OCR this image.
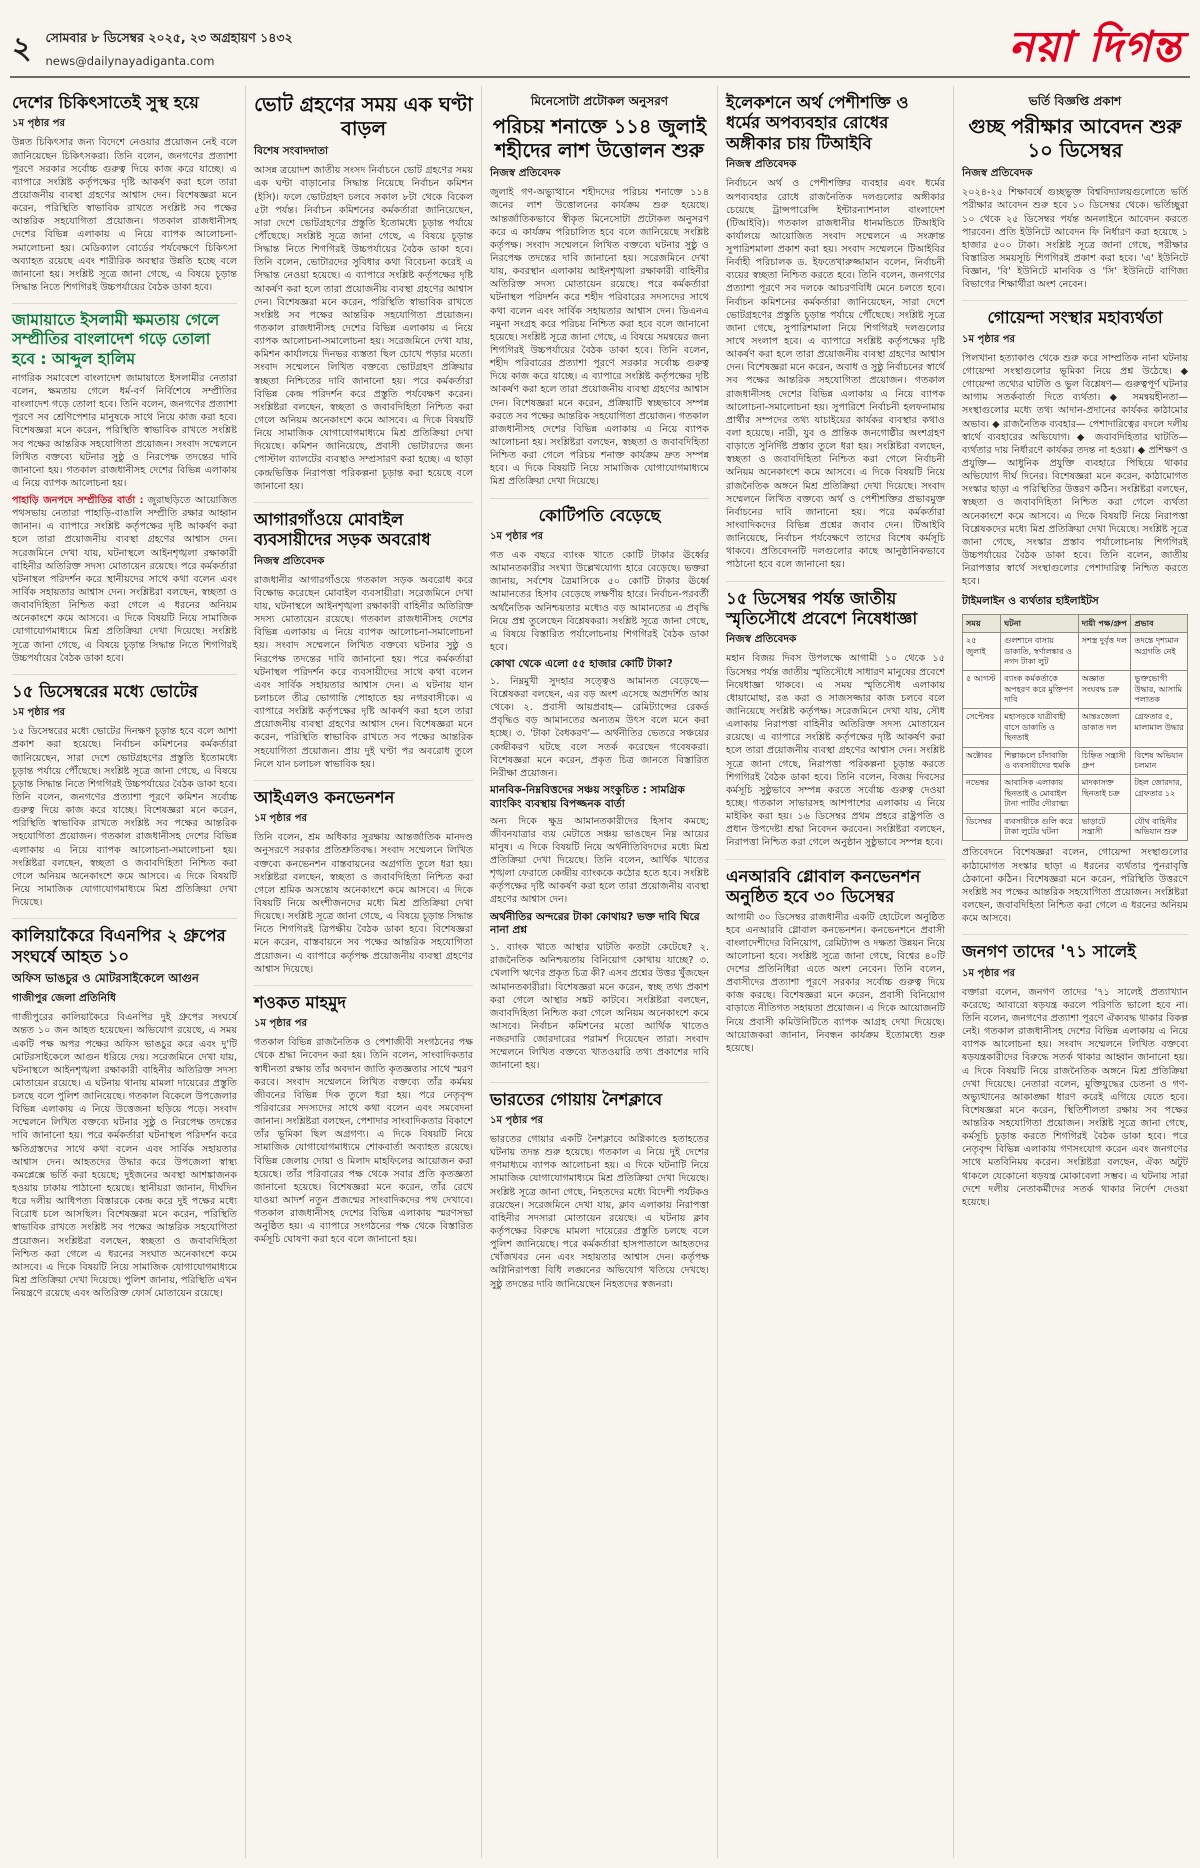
২ সোমবার ৮ ডিসেম্বর ২০২৫, ২৩ অগ্রহায়ণ ১৪৩২
news@dailynayadiganta.com	নয়া দিগন্ত
দেশের চিকিৎসাতেই সুস্থ হয়ে
১ম পৃষ্ঠার পর

উন্নত চিকিৎসার জন্য বিদেশে নেওয়ার প্রয়োজন নেই বলে জানিয়েছেন চিকিৎসকরা। তিনি বলেন, জনগণের প্রত্যাশা পূরণে সরকার সর্বোচ্চ গুরুত্ব দিয়ে কাজ করে যাচ্ছে। এ ব্যাপারে সংশ্লিষ্ট কর্তৃপক্ষের দৃষ্টি আকর্ষণ করা হলে তারা প্রয়োজনীয় ব্যবস্থা গ্রহণের আশ্বাস দেন। বিশেষজ্ঞরা মনে করেন, পরিস্থিতি স্বাভাবিক রাখতে সংশ্লিষ্ট সব পক্ষের আন্তরিক সহযোগিতা প্রয়োজন। গতকাল রাজধানীসহ দেশের বিভিন্ন এলাকায় এ নিয়ে ব্যাপক আলোচনা-সমালোচনা হয়। মেডিক্যাল বোর্ডের পর্যবেক্ষণে চিকিৎসা অব্যাহত রয়েছে এবং শারীরিক অবস্থার উন্নতি হচ্ছে বলে জানানো হয়। সংশ্লিষ্ট সূত্রে জানা গেছে, এ বিষয়ে চূড়ান্ত সিদ্ধান্ত নিতে শিগগিরই উচ্চপর্যায়ের বৈঠক ডাকা হবে।

জামায়াতে ইসলামী ক্ষমতায় গেলে সম্প্রীতির বাংলাদেশ গড়ে তোলা হবে : আব্দুল হালিম

নাগরিক সমাবেশে বাংলাদেশ জামায়াতে ইসলামীর নেতারা বলেন, ক্ষমতায় গেলে ধর্ম-বর্ণ নির্বিশেষে সম্প্রীতির বাংলাদেশ গড়ে তোলা হবে। তিনি বলেন, জনগণের প্রত্যাশা পূরণে সব শ্রেণিপেশার মানুষকে সাথে নিয়ে কাজ করা হবে। বিশেষজ্ঞরা মনে করেন, পরিস্থিতি স্বাভাবিক রাখতে সংশ্লিষ্ট সব পক্ষের আন্তরিক সহযোগিতা প্রয়োজন। সংবাদ সম্মেলনে লিখিত বক্তব্যে ঘটনার সুষ্ঠু ও নিরপেক্ষ তদন্তের দাবি জানানো হয়। গতকাল রাজধানীসহ দেশের বিভিন্ন এলাকায় এ নিয়ে ব্যাপক আলোচনা হয়।

পাহাড়ি জনপদে সম্প্রীতির বার্তা : জুরাছড়িতে আয়োজিত পথসভায় নেতারা পাহাড়ি-বাঙালি সম্প্রীতি রক্ষার আহ্বান জানান। এ ব্যাপারে সংশ্লিষ্ট কর্তৃপক্ষের দৃষ্টি আকর্ষণ করা হলে তারা প্রয়োজনীয় ব্যবস্থা গ্রহণের আশ্বাস দেন। সরেজমিনে দেখা যায়, ঘটনাস্থলে আইনশৃঙ্খলা রক্ষাকারী বাহিনীর অতিরিক্ত সদস্য মোতায়েন রয়েছে। পরে কর্মকর্তারা ঘটনাস্থল পরিদর্শন করে স্থানীয়দের সাথে কথা বলেন এবং সার্বিক সহায়তার আশ্বাস দেন। সংশ্লিষ্টরা বলছেন, স্বচ্ছতা ও জবাবদিহিতা নিশ্চিত করা গেলে এ ধরনের অনিয়ম অনেকাংশে কমে আসবে। এ দিকে বিষয়টি নিয়ে সামাজিক যোগাযোগমাধ্যমে মিশ্র প্রতিক্রিয়া দেখা দিয়েছে। সংশ্লিষ্ট সূত্রে জানা গেছে, এ বিষয়ে চূড়ান্ত সিদ্ধান্ত নিতে শিগগিরই উচ্চপর্যায়ের বৈঠক ডাকা হবে।

১৫ ডিসেম্বরের মধ্যে ভোটের
১ম পৃষ্ঠার পর

১৫ ডিসেম্বরের মধ্যে ভোটের দিনক্ষণ চূড়ান্ত হবে বলে আশা প্রকাশ করা হয়েছে। নির্বাচন কমিশনের কর্মকর্তারা জানিয়েছেন, সারা দেশে ভোটগ্রহণের প্রস্তুতি ইতোমধ্যে চূড়ান্ত পর্যায়ে পৌঁছেছে। সংশ্লিষ্ট সূত্রে জানা গেছে, এ বিষয়ে চূড়ান্ত সিদ্ধান্ত নিতে শিগগিরই উচ্চপর্যায়ের বৈঠক ডাকা হবে। তিনি বলেন, জনগণের প্রত্যাশা পূরণে কমিশন সর্বোচ্চ গুরুত্ব দিয়ে কাজ করে যাচ্ছে। বিশেষজ্ঞরা মনে করেন, পরিস্থিতি স্বাভাবিক রাখতে সংশ্লিষ্ট সব পক্ষের আন্তরিক সহযোগিতা প্রয়োজন। গতকাল রাজধানীসহ দেশের বিভিন্ন এলাকায় এ নিয়ে ব্যাপক আলোচনা-সমালোচনা হয়। সংশ্লিষ্টরা বলছেন, স্বচ্ছতা ও জবাবদিহিতা নিশ্চিত করা গেলে অনিয়ম অনেকাংশে কমে আসবে। এ দিকে বিষয়টি নিয়ে সামাজিক যোগাযোগমাধ্যমে মিশ্র প্রতিক্রিয়া দেখা দিয়েছে।

কালিয়াকৈরে বিএনপির ২ গ্রুপের সংঘর্ষে আহত ১০
অফিস ভাঙচুর ও মোটরসাইকেলে আগুন
গাজীপুর জেলা প্রতিনিধি

গাজীপুরের কালিয়াকৈরে বিএনপির দুই গ্রুপের সংঘর্ষে অন্তত ১০ জন আহত হয়েছেন। অভিযোগ রয়েছে, এ সময় একটি পক্ষ অপর পক্ষের অফিস ভাঙচুর করে এবং দু'টি মোটরসাইকেলে আগুন ধরিয়ে দেয়। সরেজমিনে দেখা যায়, ঘটনাস্থলে আইনশৃঙ্খলা রক্ষাকারী বাহিনীর অতিরিক্ত সদস্য মোতায়েন রয়েছে। এ ঘটনায় থানায় মামলা দায়েরের প্রস্তুতি চলছে বলে পুলিশ জানিয়েছে। গতকাল বিকেলে উপজেলার বিভিন্ন এলাকায় এ নিয়ে উত্তেজনা ছড়িয়ে পড়ে। সংবাদ সম্মেলনে লিখিত বক্তব্যে ঘটনার সুষ্ঠু ও নিরপেক্ষ তদন্তের দাবি জানানো হয়। পরে কর্মকর্তারা ঘটনাস্থল পরিদর্শন করে ক্ষতিগ্রস্তদের সাথে কথা বলেন এবং সার্বিক সহায়তার আশ্বাস দেন। আহতদের উদ্ধার করে উপজেলা স্বাস্থ্য কমপ্লেক্সে ভর্তি করা হয়েছে; দুইজনের অবস্থা আশঙ্কাজনক হওয়ায় ঢাকায় পাঠানো হয়েছে। স্থানীয়রা জানান, দীর্ঘদিন ধরে দলীয় আধিপত্য বিস্তারকে কেন্দ্র করে দুই পক্ষের মধ্যে বিরোধ চলে আসছিল। বিশেষজ্ঞরা মনে করেন, পরিস্থিতি স্বাভাবিক রাখতে সংশ্লিষ্ট সব পক্ষের আন্তরিক সহযোগিতা প্রয়োজন। সংশ্লিষ্টরা বলছেন, স্বচ্ছতা ও জবাবদিহিতা নিশ্চিত করা গেলে এ ধরনের সংঘাত অনেকাংশে কমে আসবে। এ দিকে বিষয়টি নিয়ে সামাজিক যোগাযোগমাধ্যমে মিশ্র প্রতিক্রিয়া দেখা দিয়েছে। পুলিশ জানায়, পরিস্থিতি এখন নিয়ন্ত্রণে রয়েছে এবং অতিরিক্ত ফোর্স মোতায়েন রয়েছে।

ভোট গ্রহণের সময় এক ঘণ্টা বাড়ল
বিশেষ সংবাদদাতা

আসন্ন ত্রয়োদশ জাতীয় সংসদ নির্বাচনে ভোট গ্রহণের সময় এক ঘণ্টা বাড়ানোর সিদ্ধান্ত নিয়েছে নির্বাচন কমিশন (ইসি)। ফলে ভোটগ্রহণ চলবে সকাল ৮টা থেকে বিকেল ৫টা পর্যন্ত। নির্বাচন কমিশনের কর্মকর্তারা জানিয়েছেন, সারা দেশে ভোটগ্রহণের প্রস্তুতি ইতোমধ্যে চূড়ান্ত পর্যায়ে পৌঁছেছে। সংশ্লিষ্ট সূত্রে জানা গেছে, এ বিষয়ে চূড়ান্ত সিদ্ধান্ত নিতে শিগগিরই উচ্চপর্যায়ের বৈঠক ডাকা হবে। তিনি বলেন, ভোটারদের সুবিধার কথা বিবেচনা করেই এ সিদ্ধান্ত নেওয়া হয়েছে। এ ব্যাপারে সংশ্লিষ্ট কর্তৃপক্ষের দৃষ্টি আকর্ষণ করা হলে তারা প্রয়োজনীয় ব্যবস্থা গ্রহণের আশ্বাস দেন। বিশেষজ্ঞরা মনে করেন, পরিস্থিতি স্বাভাবিক রাখতে সংশ্লিষ্ট সব পক্ষের আন্তরিক সহযোগিতা প্রয়োজন। গতকাল রাজধানীসহ দেশের বিভিন্ন এলাকায় এ নিয়ে ব্যাপক আলোচনা-সমালোচনা হয়। সরেজমিনে দেখা যায়, কমিশন কার্যালয়ে দিনভর ব্যস্ততা ছিল চোখে পড়ার মতো। সংবাদ সম্মেলনে লিখিত বক্তব্যে ভোটগ্রহণ প্রক্রিয়ার স্বচ্ছতা নিশ্চিতের দাবি জানানো হয়। পরে কর্মকর্তারা বিভিন্ন কেন্দ্র পরিদর্শন করে প্রস্তুতি পর্যবেক্ষণ করেন। সংশ্লিষ্টরা বলছেন, স্বচ্ছতা ও জবাবদিহিতা নিশ্চিত করা গেলে অনিয়ম অনেকাংশে কমে আসবে। এ দিকে বিষয়টি নিয়ে সামাজিক যোগাযোগমাধ্যমে মিশ্র প্রতিক্রিয়া দেখা দিয়েছে। কমিশন জানিয়েছে, প্রবাসী ভোটারদের জন্য পোস্টাল ব্যালটের ব্যবস্থাও সম্প্রসারণ করা হচ্ছে। এ ছাড়া কেন্দ্রভিত্তিক নিরাপত্তা পরিকল্পনা চূড়ান্ত করা হয়েছে বলে জানানো হয়।

আগারগাঁওয়ে মোবাইল ব্যবসায়ীদের সড়ক অবরোধ
নিজস্ব প্রতিবেদক

রাজধানীর আগারগাঁওয়ে গতকাল সড়ক অবরোধ করে বিক্ষোভ করেছেন মোবাইল ব্যবসায়ীরা। সরেজমিনে দেখা যায়, ঘটনাস্থলে আইনশৃঙ্খলা রক্ষাকারী বাহিনীর অতিরিক্ত সদস্য মোতায়েন রয়েছে। গতকাল রাজধানীসহ দেশের বিভিন্ন এলাকায় এ নিয়ে ব্যাপক আলোচনা-সমালোচনা হয়। সংবাদ সম্মেলনে লিখিত বক্তব্যে ঘটনার সুষ্ঠু ও নিরপেক্ষ তদন্তের দাবি জানানো হয়। পরে কর্মকর্তারা ঘটনাস্থল পরিদর্শন করে ব্যবসায়ীদের সাথে কথা বলেন এবং সার্বিক সহায়তার আশ্বাস দেন। এ ঘটনায় যান চলাচলে তীব্র ভোগান্তি পোহাতে হয় নগরবাসীকে। এ ব্যাপারে সংশ্লিষ্ট কর্তৃপক্ষের দৃষ্টি আকর্ষণ করা হলে তারা প্রয়োজনীয় ব্যবস্থা গ্রহণের আশ্বাস দেন। বিশেষজ্ঞরা মনে করেন, পরিস্থিতি স্বাভাবিক রাখতে সব পক্ষের আন্তরিক সহযোগিতা প্রয়োজন। প্রায় দুই ঘণ্টা পর অবরোধ তুলে নিলে যান চলাচল স্বাভাবিক হয়।

আইএলও কনভেনশন
১ম পৃষ্ঠার পর

তিনি বলেন, শ্রম অধিকার সুরক্ষায় আন্তর্জাতিক মানদণ্ড অনুসরণে সরকার প্রতিশ্রুতিবদ্ধ। সংবাদ সম্মেলনে লিখিত বক্তব্যে কনভেনশন বাস্তবায়নের অগ্রগতি তুলে ধরা হয়। সংশ্লিষ্টরা বলছেন, স্বচ্ছতা ও জবাবদিহিতা নিশ্চিত করা গেলে শ্রমিক অসন্তোষ অনেকাংশে কমে আসবে। এ দিকে বিষয়টি নিয়ে অংশীজনদের মধ্যে মিশ্র প্রতিক্রিয়া দেখা দিয়েছে। সংশ্লিষ্ট সূত্রে জানা গেছে, এ বিষয়ে চূড়ান্ত সিদ্ধান্ত নিতে শিগগিরই ত্রিপক্ষীয় বৈঠক ডাকা হবে। বিশেষজ্ঞরা মনে করেন, বাস্তবায়নে সব পক্ষের আন্তরিক সহযোগিতা প্রয়োজন। এ ব্যাপারে কর্তৃপক্ষ প্রয়োজনীয় ব্যবস্থা গ্রহণের আশ্বাস দিয়েছে।

শওকত মাহমুদ
১ম পৃষ্ঠার পর

গতকাল বিভিন্ন রাজনৈতিক ও পেশাজীবী সংগঠনের পক্ষ থেকে শ্রদ্ধা নিবেদন করা হয়। তিনি বলেন, সাংবাদিকতার স্বাধীনতা রক্ষায় তাঁর অবদান জাতি কৃতজ্ঞতার সাথে স্মরণ করবে। সংবাদ সম্মেলনে লিখিত বক্তব্যে তাঁর কর্মময় জীবনের বিভিন্ন দিক তুলে ধরা হয়। পরে নেতৃবৃন্দ পরিবারের সদস্যদের সাথে কথা বলেন এবং সমবেদনা জানান। সংশ্লিষ্টরা বলছেন, পেশাদার সাংবাদিকতার বিকাশে তাঁর ভূমিকা ছিল অগ্রগণ্য। এ দিকে বিষয়টি নিয়ে সামাজিক যোগাযোগমাধ্যমে শোকবার্তা অব্যাহত রয়েছে। বিভিন্ন জেলায় দোয়া ও মিলাদ মাহফিলের আয়োজন করা হয়েছে। তাঁর পরিবারের পক্ষ থেকে সবার প্রতি কৃতজ্ঞতা জানানো হয়েছে। বিশেষজ্ঞরা মনে করেন, তাঁর রেখে যাওয়া আদর্শ নতুন প্রজন্মের সাংবাদিকদের পথ দেখাবে। গতকাল রাজধানীসহ দেশের বিভিন্ন এলাকায় স্মরণসভা অনুষ্ঠিত হয়। এ ব্যাপারে সংগঠনের পক্ষ থেকে বিস্তারিত কর্মসূচি ঘোষণা করা হবে বলে জানানো হয়।

মিনেসোটা প্রটোকল অনুসরণ
পরিচয় শনাক্তে ১১৪ জুলাই শহীদের লাশ উত্তোলন শুরু
নিজস্ব প্রতিবেদক

জুলাই গণ-অভ্যুত্থানে শহীদদের পরিচয় শনাক্তে ১১৪ জনের লাশ উত্তোলনের কার্যক্রম শুরু হয়েছে। আন্তর্জাতিকভাবে স্বীকৃত মিনেসোটা প্রটোকল অনুসরণ করে এ কার্যক্রম পরিচালিত হবে বলে জানিয়েছে সংশ্লিষ্ট কর্তৃপক্ষ। সংবাদ সম্মেলনে লিখিত বক্তব্যে ঘটনার সুষ্ঠু ও নিরপেক্ষ তদন্তের দাবি জানানো হয়। সরেজমিনে দেখা যায়, কবরস্থান এলাকায় আইনশৃঙ্খলা রক্ষাকারী বাহিনীর অতিরিক্ত সদস্য মোতায়েন রয়েছে। পরে কর্মকর্তারা ঘটনাস্থল পরিদর্শন করে শহীদ পরিবারের সদস্যদের সাথে কথা বলেন এবং সার্বিক সহায়তার আশ্বাস দেন। ডিএনএ নমুনা সংগ্রহ করে পরিচয় নিশ্চিত করা হবে বলে জানানো হয়েছে। সংশ্লিষ্ট সূত্রে জানা গেছে, এ বিষয়ে সমন্বয়ের জন্য শিগগিরই উচ্চপর্যায়ের বৈঠক ডাকা হবে। তিনি বলেন, শহীদ পরিবারের প্রত্যাশা পূরণে সরকার সর্বোচ্চ গুরুত্ব দিয়ে কাজ করে যাচ্ছে। এ ব্যাপারে সংশ্লিষ্ট কর্তৃপক্ষের দৃষ্টি আকর্ষণ করা হলে তারা প্রয়োজনীয় ব্যবস্থা গ্রহণের আশ্বাস দেন। বিশেষজ্ঞরা মনে করেন, প্রক্রিয়াটি স্বচ্ছভাবে সম্পন্ন করতে সব পক্ষের আন্তরিক সহযোগিতা প্রয়োজন। গতকাল রাজধানীসহ দেশের বিভিন্ন এলাকায় এ নিয়ে ব্যাপক আলোচনা হয়। সংশ্লিষ্টরা বলছেন, স্বচ্ছতা ও জবাবদিহিতা নিশ্চিত করা গেলে পরিচয় শনাক্ত কার্যক্রম দ্রুত সম্পন্ন হবে। এ দিকে বিষয়টি নিয়ে সামাজিক যোগাযোগমাধ্যমে মিশ্র প্রতিক্রিয়া দেখা দিয়েছে।

কোটিপতি বেড়েছে
১ম পৃষ্ঠার পর

গত এক বছরে ব্যাংক খাতে কোটি টাকার ঊর্ধ্বের আমানতকারীর সংখ্যা উল্লেখযোগ্য হারে বেড়েছে। ভক্তরা জানায়, সর্বশেষ ত্রৈমাসিকে ৫০ কোটি টাকার ঊর্ধ্বে আমানতের হিসাব বেড়েছে লক্ষণীয় হারে। নির্বাচন-পরবর্তী অর্থনৈতিক অনিশ্চয়তার মধ্যেও বড় আমানতের এ প্রবৃদ্ধি নিয়ে প্রশ্ন তুলেছেন বিশ্লেষকরা। সংশ্লিষ্ট সূত্রে জানা গেছে, এ বিষয়ে বিস্তারিত পর্যালোচনায় শিগগিরই বৈঠক ডাকা হবে।

কোথা থেকে এলো ৫৫ হাজার কোটি টাকা?

১. নিম্নমুখী সুদহার সত্ত্বেও আমানত বেড়েছে— বিশ্লেষকরা বলছেন, এর বড় অংশ এসেছে অপ্রদর্শিত আয় থেকে। ২. প্রবাসী আয়প্রবাহ— রেমিট্যান্সের রেকর্ড প্রবৃদ্ধিও বড় আমানতের অন্যতম উৎস বলে মনে করা হচ্ছে। ৩. 'টাকা বৈধকরণ'— অর্থনীতির ভেতরে সঞ্চয়ের কেন্দ্রীকরণ ঘটছে বলে সতর্ক করেছেন গবেষকরা। বিশেষজ্ঞরা মনে করেন, প্রকৃত চিত্র জানতে বিস্তারিত নিরীক্ষা প্রয়োজন।

মানবিক-নিম্নবিত্তদের সঞ্চয় সংকুচিত : সামগ্রিক ব্যাংকিং ব্যবস্থায় বিপজ্জনক বার্তা

অন্য দিকে ক্ষুদ্র আমানতকারীদের হিসাব কমছে; জীবনযাত্রার ব্যয় মেটাতে সঞ্চয় ভাঙছেন নিম্ন আয়ের মানুষ। এ দিকে বিষয়টি নিয়ে অর্থনীতিবিদদের মধ্যে মিশ্র প্রতিক্রিয়া দেখা দিয়েছে। তিনি বলেন, আর্থিক খাতের শৃঙ্খলা ফেরাতে কেন্দ্রীয় ব্যাংককে কঠোর হতে হবে। সংশ্লিষ্ট কর্তৃপক্ষের দৃষ্টি আকর্ষণ করা হলে তারা প্রয়োজনীয় ব্যবস্থা গ্রহণের আশ্বাস দেন।

অর্থনীতির অন্দরের টাকা কোথায়? ভক্ত দাবি ঘিরে নানা প্রশ্ন

১. ব্যাংক খাতে আস্থার ঘাটতি কতটা কেটেছে? ২. রাজনৈতিক অনিশ্চয়তায় বিনিয়োগ কোথায় যাচ্ছে? ৩. খেলাপি ঋণের প্রকৃত চিত্র কী? এসব প্রশ্নের উত্তর খুঁজছেন আমানতকারীরা। বিশেষজ্ঞরা মনে করেন, স্বচ্ছ তথ্য প্রকাশ করা গেলে আস্থার সঙ্কট কাটবে। সংশ্লিষ্টরা বলছেন, জবাবদিহিতা নিশ্চিত করা গেলে অনিয়ম অনেকাংশে কমে আসবে। নির্বাচন কমিশনের মতো আর্থিক খাতেও নজরদারি জোরদারের পরামর্শ দিয়েছেন তারা। সংবাদ সম্মেলনে লিখিত বক্তব্যে খাতওয়ারি তথ্য প্রকাশের দাবি জানানো হয়।

ভারতের গোয়ায় নৈশক্লাবে
১ম পৃষ্ঠার পর

ভারতের গোয়ার একটি নৈশক্লাবে অগ্নিকাণ্ডে হতাহতের ঘটনায় তদন্ত শুরু হয়েছে। গতকাল এ নিয়ে দুই দেশের গণমাধ্যমে ব্যাপক আলোচনা হয়। এ দিকে ঘটনাটি নিয়ে সামাজিক যোগাযোগমাধ্যমে মিশ্র প্রতিক্রিয়া দেখা দিয়েছে। সংশ্লিষ্ট সূত্রে জানা গেছে, নিহতদের মধ্যে বিদেশী পর্যটকও রয়েছেন। সরেজমিনে দেখা যায়, ক্লাব এলাকায় নিরাপত্তা বাহিনীর সদস্যরা মোতায়েন রয়েছে। এ ঘটনায় ক্লাব কর্তৃপক্ষের বিরুদ্ধে মামলা দায়েরের প্রস্তুতি চলছে বলে পুলিশ জানিয়েছে। পরে কর্মকর্তারা হাসপাতালে আহতদের খোঁজখবর নেন এবং সহায়তার আশ্বাস দেন। কর্তৃপক্ষ অগ্নিনিরাপত্তা বিধি লঙ্ঘনের অভিযোগ খতিয়ে দেখছে। সুষ্ঠু তদন্তের দাবি জানিয়েছেন নিহতদের স্বজনরা।

ইলেকশনে অর্থ পেশীশক্তি ও ধর্মের অপব্যবহার রোধের অঙ্গীকার চায় টিআইবি
নিজস্ব প্রতিবেদক

নির্বাচনে অর্থ ও পেশীশক্তির ব্যবহার এবং ধর্মের অপব্যবহার রোধে রাজনৈতিক দলগুলোর অঙ্গীকার চেয়েছে ট্রান্সপারেন্সি ইন্টারন্যাশনাল বাংলাদেশ (টিআইবি)। গতকাল রাজধানীর ধানমন্ডিতে টিআইবি কার্যালয়ে আয়োজিত সংবাদ সম্মেলনে এ সংক্রান্ত সুপারিশমালা প্রকাশ করা হয়। সংবাদ সম্মেলনে টিআইবির নির্বাহী পরিচালক ড. ইফতেখারুজ্জামান বলেন, নির্বাচনী ব্যয়ের স্বচ্ছতা নিশ্চিত করতে হবে। তিনি বলেন, জনগণের প্রত্যাশা পূরণে সব দলকে আচরণবিধি মেনে চলতে হবে। নির্বাচন কমিশনের কর্মকর্তারা জানিয়েছেন, সারা দেশে ভোটগ্রহণের প্রস্তুতি চূড়ান্ত পর্যায়ে পৌঁছেছে। সংশ্লিষ্ট সূত্রে জানা গেছে, সুপারিশমালা নিয়ে শিগগিরই দলগুলোর সাথে সংলাপ হবে। এ ব্যাপারে সংশ্লিষ্ট কর্তৃপক্ষের দৃষ্টি আকর্ষণ করা হলে তারা প্রয়োজনীয় ব্যবস্থা গ্রহণের আশ্বাস দেন। বিশেষজ্ঞরা মনে করেন, অবাধ ও সুষ্ঠু নির্বাচনের স্বার্থে সব পক্ষের আন্তরিক সহযোগিতা প্রয়োজন। গতকাল রাজধানীসহ দেশের বিভিন্ন এলাকায় এ নিয়ে ব্যাপক আলোচনা-সমালোচনা হয়। সুপারিশে নির্বাচনী হলফনামায় প্রার্থীর সম্পদের তথ্য যাচাইয়ের কার্যকর ব্যবস্থার কথাও বলা হয়েছে। নারী, যুব ও প্রান্তিক জনগোষ্ঠীর অংশগ্রহণ বাড়াতে সুনির্দিষ্ট প্রস্তাব তুলে ধরা হয়। সংশ্লিষ্টরা বলছেন, স্বচ্ছতা ও জবাবদিহিতা নিশ্চিত করা গেলে নির্বাচনী অনিয়ম অনেকাংশে কমে আসবে। এ দিকে বিষয়টি নিয়ে রাজনৈতিক অঙ্গনে মিশ্র প্রতিক্রিয়া দেখা দিয়েছে। সংবাদ সম্মেলনে লিখিত বক্তব্যে অর্থ ও পেশীশক্তির প্রভাবমুক্ত নির্বাচনের দাবি জানানো হয়। পরে কর্মকর্তারা সাংবাদিকদের বিভিন্ন প্রশ্নের জবাব দেন। টিআইবি জানিয়েছে, নির্বাচন পর্যবেক্ষণে তাদের বিশেষ কর্মসূচি থাকবে। প্রতিবেদনটি দলগুলোর কাছে আনুষ্ঠানিকভাবে পাঠানো হবে বলে জানানো হয়।

১৫ ডিসেম্বর পর্যন্ত জাতীয় স্মৃতিসৌধে প্রবেশে নিষেধাজ্ঞা
নিজস্ব প্রতিবেদক

মহান বিজয় দিবস উপলক্ষে আগামী ১০ থেকে ১৫ ডিসেম্বর পর্যন্ত জাতীয় স্মৃতিসৌধে সাধারণ মানুষের প্রবেশে নিষেধাজ্ঞা থাকবে। এ সময় স্মৃতিসৌধ এলাকায় ধোয়ামোছা, রঙ করা ও সাজসজ্জার কাজ চলবে বলে জানিয়েছে সংশ্লিষ্ট কর্তৃপক্ষ। সরেজমিনে দেখা যায়, সৌধ এলাকায় নিরাপত্তা বাহিনীর অতিরিক্ত সদস্য মোতায়েন রয়েছে। এ ব্যাপারে সংশ্লিষ্ট কর্তৃপক্ষের দৃষ্টি আকর্ষণ করা হলে তারা প্রয়োজনীয় ব্যবস্থা গ্রহণের আশ্বাস দেন। সংশ্লিষ্ট সূত্রে জানা গেছে, নিরাপত্তা পরিকল্পনা চূড়ান্ত করতে শিগগিরই বৈঠক ডাকা হবে। তিনি বলেন, বিজয় দিবসের কর্মসূচি সুষ্ঠুভাবে সম্পন্ন করতে সর্বোচ্চ গুরুত্ব দেওয়া হচ্ছে। গতকাল সাভারসহ আশপাশের এলাকায় এ নিয়ে মাইকিং করা হয়। ১৬ ডিসেম্বর প্রথম প্রহরে রাষ্ট্রপতি ও প্রধান উপদেষ্টা শ্রদ্ধা নিবেদন করবেন। সংশ্লিষ্টরা বলছেন, নিরাপত্তা নিশ্চিত করা গেলে অনুষ্ঠান সুষ্ঠুভাবে সম্পন্ন হবে।

এনআরবি গ্লোবাল কনভেনশন অনুষ্ঠিত হবে ৩০ ডিসেম্বর

আগামী ৩০ ডিসেম্বর রাজধানীর একটি হোটেলে অনুষ্ঠিত হবে এনআরবি গ্লোবাল কনভেনশন। কনভেনশনে প্রবাসী বাংলাদেশীদের বিনিয়োগ, রেমিট্যান্স ও দক্ষতা উন্নয়ন নিয়ে আলোচনা হবে। সংশ্লিষ্ট সূত্রে জানা গেছে, বিশ্বের ৪০টি দেশের প্রতিনিধিরা এতে অংশ নেবেন। তিনি বলেন, প্রবাসীদের প্রত্যাশা পূরণে সরকার সর্বোচ্চ গুরুত্ব দিয়ে কাজ করছে। বিশেষজ্ঞরা মনে করেন, প্রবাসী বিনিয়োগ বাড়াতে নীতিগত সহায়তা প্রয়োজন। এ দিকে আয়োজনটি নিয়ে প্রবাসী কমিউনিটিতে ব্যাপক আগ্রহ দেখা দিয়েছে। আয়োজকরা জানান, নিবন্ধন কার্যক্রম ইতোমধ্যে শুরু হয়েছে।

ভর্তি বিজ্ঞপ্তি প্রকাশ
গুচ্ছ পরীক্ষার আবেদন শুরু ১০ ডিসেম্বর
নিজস্ব প্রতিবেদক

২০২৪-২৫ শিক্ষাবর্ষে গুচ্ছভুক্ত বিশ্ববিদ্যালয়গুলোতে ভর্তি পরীক্ষার আবেদন শুরু হবে ১০ ডিসেম্বর থেকে। ভর্তিচ্ছুরা ১০ থেকে ২৫ ডিসেম্বর পর্যন্ত অনলাইনে আবেদন করতে পারবেন। প্রতি ইউনিটে আবেদন ফি নির্ধারণ করা হয়েছে ১ হাজার ৫০০ টাকা। সংশ্লিষ্ট সূত্রে জানা গেছে, পরীক্ষার বিস্তারিত সময়সূচি শিগগিরই প্রকাশ করা হবে। 'এ' ইউনিটে বিজ্ঞান, 'বি' ইউনিটে মানবিক ও 'সি' ইউনিটে বাণিজ্য বিভাগের শিক্ষার্থীরা অংশ নেবেন।

গোয়েন্দা সংস্থার মহাব্যর্থতা
১ম পৃষ্ঠার পর

পিলখানা হত্যাকাণ্ড থেকে শুরু করে সাম্প্রতিক নানা ঘটনায় গোয়েন্দা সংস্থাগুলোর ভূমিকা নিয়ে প্রশ্ন উঠেছে। ◆ গোয়েন্দা তথ্যের ঘাটতি ও ভুল বিশ্লেষণ— গুরুত্বপূর্ণ ঘটনার আগাম সতর্কবার্তা দিতে ব্যর্থতা। ◆ সমন্বয়হীনতা— সংস্থাগুলোর মধ্যে তথ্য আদান-প্রদানের কার্যকর কাঠামোর অভাব। ◆ রাজনৈতিক ব্যবহার— পেশাদারিত্বের বদলে দলীয় স্বার্থে ব্যবহারের অভিযোগ। ◆ জবাবদিহিতার ঘাটতি— ব্যর্থতার দায় নির্ধারণে কার্যকর তদন্ত না হওয়া। ◆ প্রশিক্ষণ ও প্রযুক্তি— আধুনিক প্রযুক্তি ব্যবহারে পিছিয়ে থাকার অভিযোগ দীর্ঘ দিনের। বিশেষজ্ঞরা মনে করেন, কাঠামোগত সংস্কার ছাড়া এ পরিস্থিতির উত্তরণ কঠিন। সংশ্লিষ্টরা বলছেন, স্বচ্ছতা ও জবাবদিহিতা নিশ্চিত করা গেলে ব্যর্থতা অনেকাংশে কমে আসবে। এ দিকে বিষয়টি নিয়ে নিরাপত্তা বিশ্লেষকদের মধ্যে মিশ্র প্রতিক্রিয়া দেখা দিয়েছে। সংশ্লিষ্ট সূত্রে জানা গেছে, সংস্কার প্রস্তাব পর্যালোচনায় শিগগিরই উচ্চপর্যায়ের বৈঠক ডাকা হবে। তিনি বলেন, জাতীয় নিরাপত্তার স্বার্থে সংস্থাগুলোর পেশাদারিত্ব নিশ্চিত করতে হবে।

টাইমলাইন ও ব্যর্থতার হাইলাইটস
সময়	ঘটনা	দায়ী পক্ষ/গ্রুপ	প্রভাব
২৫ জুলাই	গুলশানে বাসায় ডাকাতি, স্বর্ণালঙ্কার ও নগদ টাকা লুট	সশস্ত্র দুর্বৃত্ত দল	তদন্তে দৃশ্যমান অগ্রগতি নেই
৫ আগস্ট	ব্যাংক কর্মকর্তাকে অপহরণ করে মুক্তিপণ দাবি	অজ্ঞাত সংঘবদ্ধ চক্র	ভুক্তভোগী উদ্ধার, আসামি পলাতক
সেপ্টেম্বর	মহাসড়কে যাত্রীবাহী বাসে ডাকাতি ও ছিনতাই	আন্তঃজেলা ডাকাত দল	গ্রেফতার ৫, মালামাল উদ্ধার
অক্টোবর	শিল্পাঞ্চলে চাঁদাবাজি ও ব্যবসায়ীদের হুমকি	চিহ্নিত সন্ত্রাসী গ্রুপ	বিশেষ অভিযান চলমান
নভেম্বর	আবাসিক এলাকায় ছিনতাই ও মোবাইল টানা পার্টির দৌরাত্ম্য	মাদকাসক্ত ছিনতাই চক্র	টহল জোরদার, গ্রেফতার ১২
ডিসেম্বর	ব্যবসায়ীকে গুলি করে টাকা লুটের ঘটনা	ভাড়াটে সন্ত্রাসী	যৌথ বাহিনীর অভিযান শুরু

প্রতিবেদনে বিশেষজ্ঞরা বলেন, গোয়েন্দা সংস্থাগুলোর কাঠামোগত সংস্কার ছাড়া এ ধরনের ব্যর্থতার পুনরাবৃত্তি ঠেকানো কঠিন। বিশেষজ্ঞরা মনে করেন, পরিস্থিতি উত্তরণে সংশ্লিষ্ট সব পক্ষের আন্তরিক সহযোগিতা প্রয়োজন। সংশ্লিষ্টরা বলছেন, জবাবদিহিতা নিশ্চিত করা গেলে এ ধরনের অনিয়ম কমে আসবে।

জনগণ তাদের '৭১ সালেই
১ম পৃষ্ঠার পর

বক্তারা বলেন, জনগণ তাদের '৭১ সালেই প্রত্যাখ্যান করেছে; আবারো ষড়যন্ত্র করলে পরিণতি ভালো হবে না। তিনি বলেন, জনগণের প্রত্যাশা পূরণে ঐক্যবদ্ধ থাকার বিকল্প নেই। গতকাল রাজধানীসহ দেশের বিভিন্ন এলাকায় এ নিয়ে ব্যাপক আলোচনা হয়। সংবাদ সম্মেলনে লিখিত বক্তব্যে ষড়যন্ত্রকারীদের বিরুদ্ধে সতর্ক থাকার আহ্বান জানানো হয়। এ দিকে বিষয়টি নিয়ে রাজনৈতিক অঙ্গনে মিশ্র প্রতিক্রিয়া দেখা দিয়েছে। নেতারা বলেন, মুক্তিযুদ্ধের চেতনা ও গণ-অভ্যুত্থানের আকাঙ্ক্ষা ধারণ করেই এগিয়ে যেতে হবে। বিশেষজ্ঞরা মনে করেন, স্থিতিশীলতা রক্ষায় সব পক্ষের আন্তরিক সহযোগিতা প্রয়োজন। সংশ্লিষ্ট সূত্রে জানা গেছে, কর্মসূচি চূড়ান্ত করতে শিগগিরই বৈঠক ডাকা হবে। পরে নেতৃবৃন্দ বিভিন্ন এলাকায় গণসংযোগ করেন এবং জনগণের সাথে মতবিনিময় করেন। সংশ্লিষ্টরা বলছেন, ঐক্য অটুট থাকলে যেকোনো ষড়যন্ত্র মোকাবেলা সম্ভব। এ ঘটনায় সারা দেশে দলীয় নেতাকর্মীদের সতর্ক থাকার নির্দেশ দেওয়া হয়েছে।
